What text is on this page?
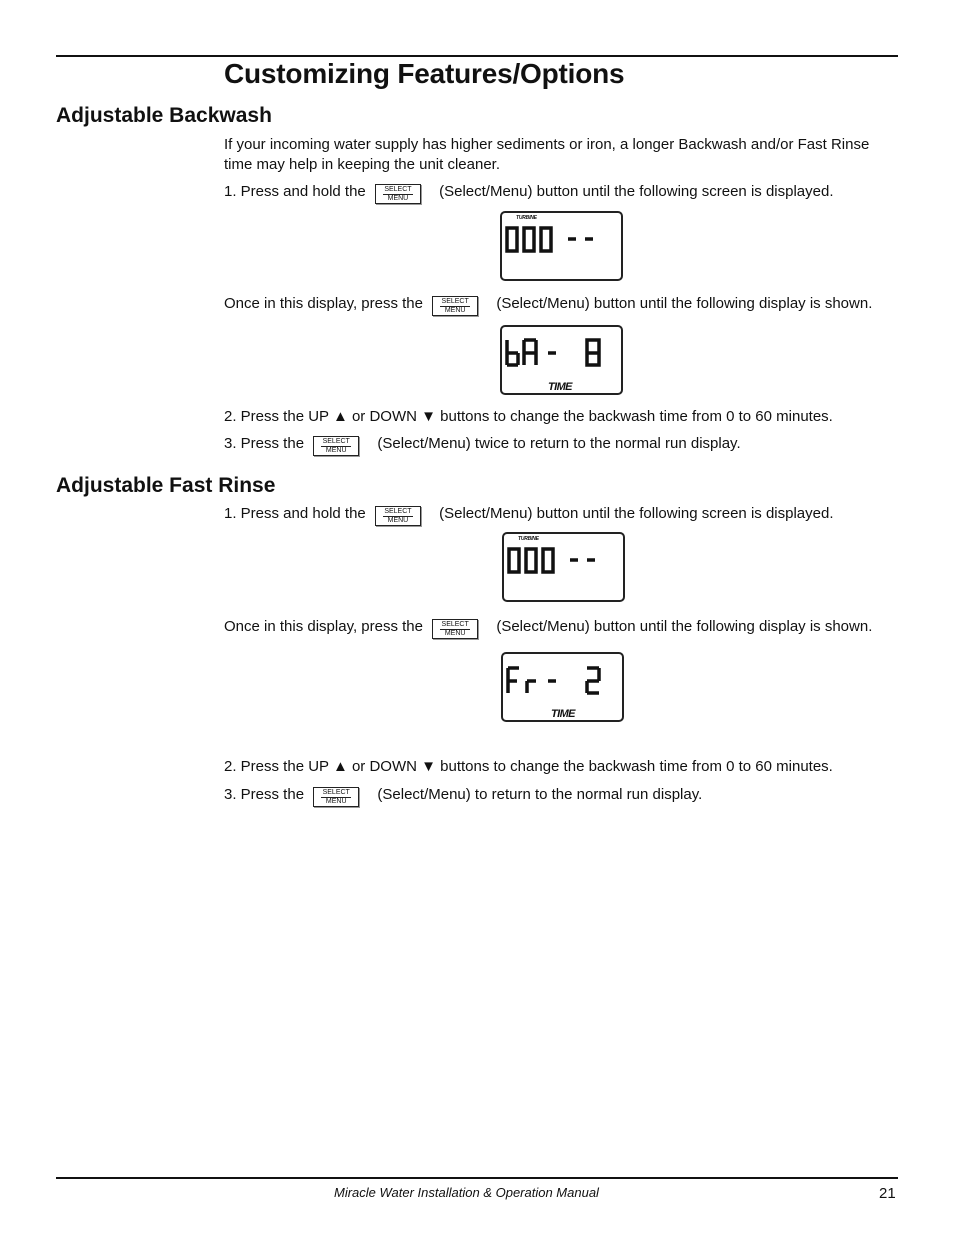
Customizing Features/Options
Adjustable Backwash

If your incoming water supply has higher sediments or iron, a longer Backwash and/or Fast Rinse time may help in keeping the unit cleaner.

1. Press and hold the	SELECT
MENU	(Select/Menu) button until the following screen is displayed.

TURBINE

Once in this display, press the	SELECT
MENU	(Select/Menu) button until the following display is shown.

TIME

2. Press the UP ▲ or DOWN ▼ buttons to change the backwash time from 0 to 60 minutes.

3. Press the	SELECT
MENU	(Select/Menu) twice to return to the normal run display.

Adjustable Fast Rinse

1. Press and hold the	SELECT
MENU	(Select/Menu) button until the following screen is displayed.

TURBINE

Once in this display, press the	SELECT
MENU	(Select/Menu) button until the following display is shown.

TIME

2. Press the UP ▲ or DOWN ▼ buttons to change the backwash time from 0 to 60 minutes.

3. Press the	SELECT
MENU	(Select/Menu) to return to the normal run display.

Miracle Water Installation & Operation Manual	21
